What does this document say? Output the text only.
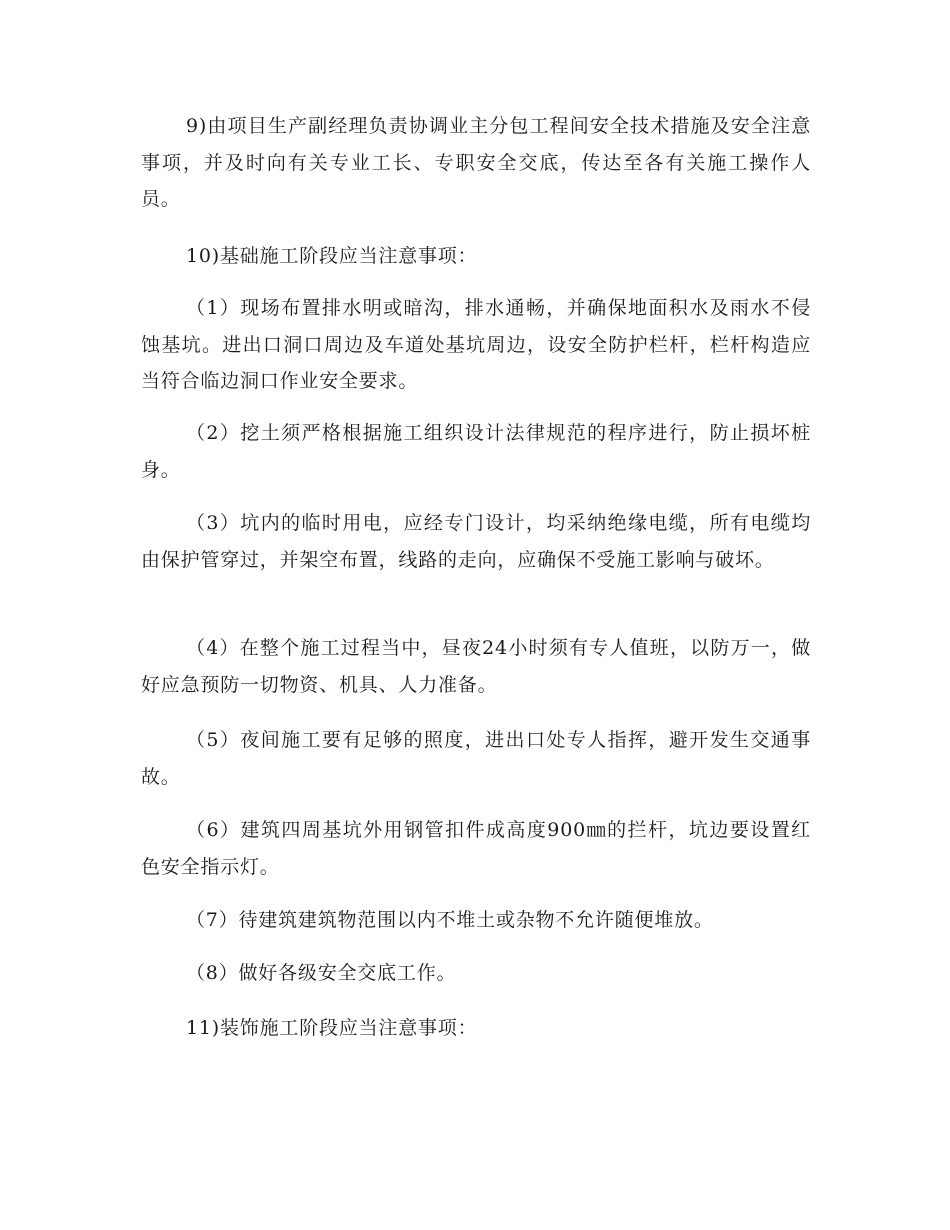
9)由项目生产副经理负责协调业主分包工程间安全技术措施及安全注意事项，并及时向有关专业工长、专职安全交底，传达至各有关施工操作人员。

10)基础施工阶段应当注意事项：

（1）现场布置排水明或暗沟，排水通畅，并确保地面积水及雨水不侵蚀基坑。进出口洞口周边及车道处基坑周边，设安全防护栏杆，栏杆构造应当符合临边洞口作业安全要求。

（2）挖土须严格根据施工组织设计法律规范的程序进行，防止损坏桩身。

（3）坑内的临时用电，应经专门设计，均采纳绝缘电缆，所有电缆均由保护管穿过，并架空布置，线路的走向，应确保不受施工影响与破坏。

（4）在整个施工过程当中，昼夜24小时须有专人值班，以防万一，做好应急预防一切物资、机具、人力准备。

（5）夜间施工要有足够的照度，进出口处专人指挥，避开发生交通事故。

（6）建筑四周基坑外用钢管扣件成高度900㎜的拦杆，坑边要设置红色安全指示灯。

（7）待建筑建筑物范围以内不堆土或杂物不允许随便堆放。

（8）做好各级安全交底工作。

11)装饰施工阶段应当注意事项：
